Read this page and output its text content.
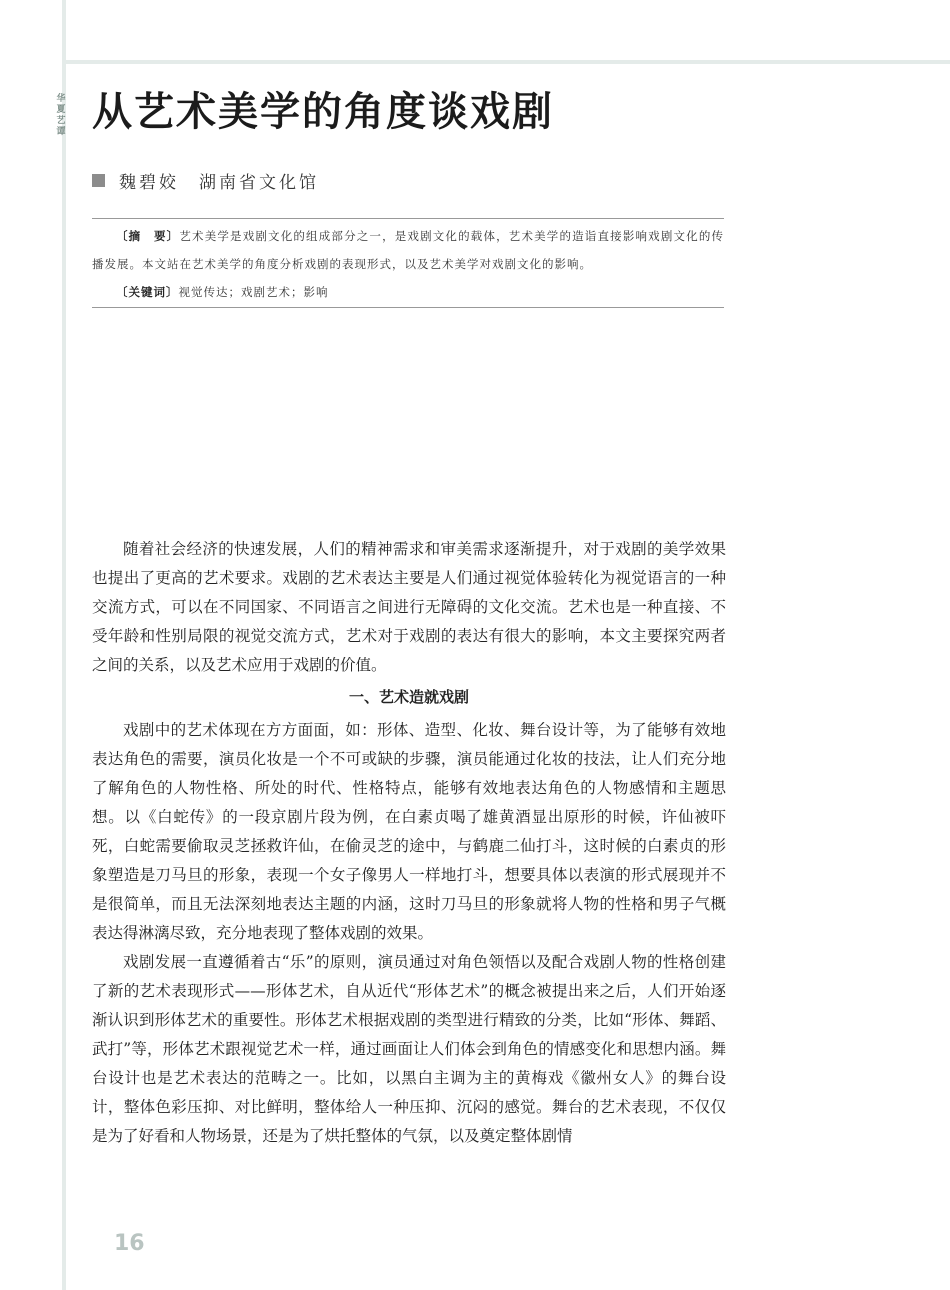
华夏艺谭 从艺术美学的角度谈戏剧
魏碧姣 湖南省文化馆
〔摘　要〕艺术美学是戏剧文化的组成部分之一，是戏剧文化的载体，艺术美学的造诣直接影响戏剧文化的传播发展。本文站在艺术美学的角度分析戏剧的表现形式，以及艺术美学对戏剧文化的影响。
〔关键词〕视觉传达；戏剧艺术；影响

随着社会经济的快速发展，人们的精神需求和审美需求逐渐提升，对于戏剧的美学效果也提出了更高的艺术要求。戏剧的艺术表达主要是人们通过视觉体验转化为视觉语言的一种交流方式，可以在不同国家、不同语言之间进行无障碍的文化交流。艺术也是一种直接、不受年龄和性别局限的视觉交流方式，艺术对于戏剧的表达有很大的影响，本文主要探究两者之间的关系，以及艺术应用于戏剧的价值。

一、艺术造就戏剧

戏剧中的艺术体现在方方面面，如：形体、造型、化妆、舞台设计等，为了能够有效地表达角色的需要，演员化妆是一个不可或缺的步骤，演员能通过化妆的技法，让人们充分地了解角色的人物性格、所处的时代、性格特点，能够有效地表达角色的人物感情和主题思想。以《白蛇传》的一段京剧片段为例，在白素贞喝了雄黄酒显出原形的时候，许仙被吓死，白蛇需要偷取灵芝拯救许仙，在偷灵芝的途中，与鹤鹿二仙打斗，这时候的白素贞的形象塑造是刀马旦的形象，表现一个女子像男人一样地打斗，想要具体以表演的形式展现并不是很简单，而且无法深刻地表达主题的内涵，这时刀马旦的形象就将人物的性格和男子气概表达得淋漓尽致，充分地表现了整体戏剧的效果。

戏剧发展一直遵循着古“乐”的原则，演员通过对角色领悟以及配合戏剧人物的性格创建了新的艺术表现形式——形体艺术，自从近代“形体艺术”的概念被提出来之后，人们开始逐渐认识到形体艺术的重要性。形体艺术根据戏剧的类型进行精致的分类，比如“形体、舞蹈、武打”等，形体艺术跟视觉艺术一样，通过画面让人们体会到角色的情感变化和思想内涵。舞台设计也是艺术表达的范畴之一。比如，以黑白主调为主的黄梅戏《徽州女人》的舞台设计，整体色彩压抑、对比鲜明，整体给人一种压抑、沉闷的感觉。舞台的艺术表现，不仅仅是为了好看和人物场景，还是为了烘托整体的气氛，以及奠定整体剧情

16
